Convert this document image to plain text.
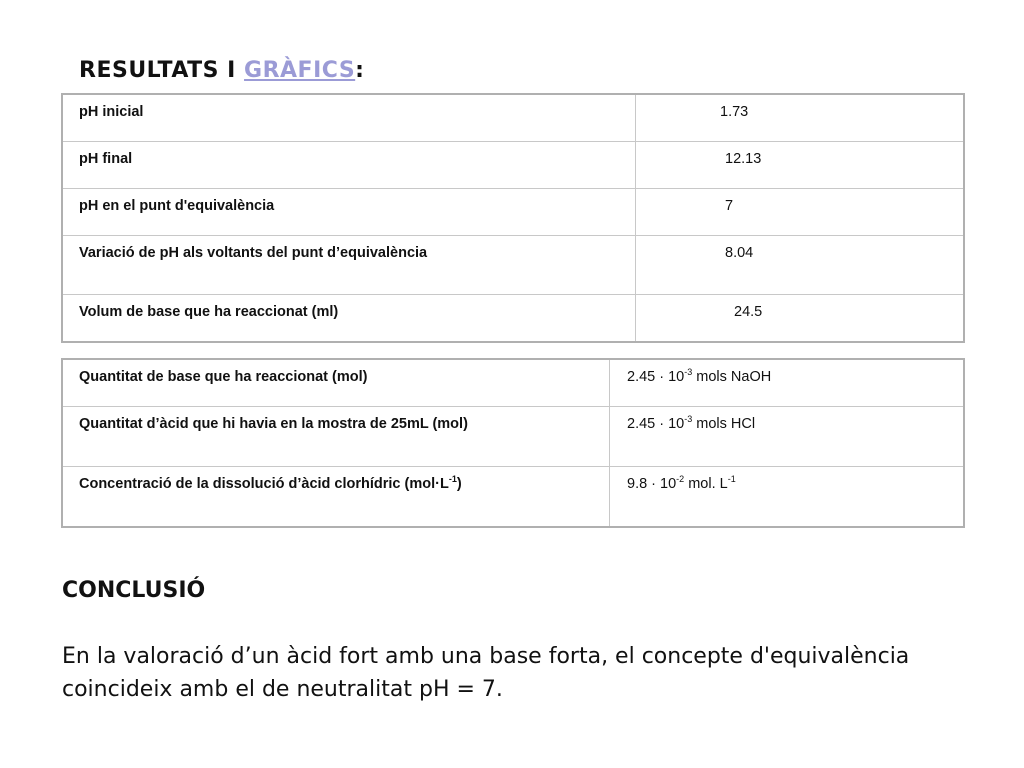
RESULTATS I GRÀFICS:
pH inicial	1.73

pH final	12.13

pH en el punt d'equivalència	7

Variació de pH als voltants del punt d’equivalència	8.04

Volum de base que ha reaccionat (ml)	24.5
Quantitat de base que ha reaccionat (mol)	$2.45 \cdot 10^{-3}$ mols NaOH

Quantitat d’àcid que hi havia en la mostra de 25mL (mol)	$2.45 \cdot 10^{-3}$ mols HCl

Concentració de la dissolució d’àcid clorhídric $(mol\cdot L^{-1})$	$9.8 \cdot 10^{-2}$ mol. $L^{-1}$
CONCLUSIÓ
En la valoració d’un àcid fort amb una base forta, el concepte d'equivalència coincideix amb el de neutralitat pH = 7.
